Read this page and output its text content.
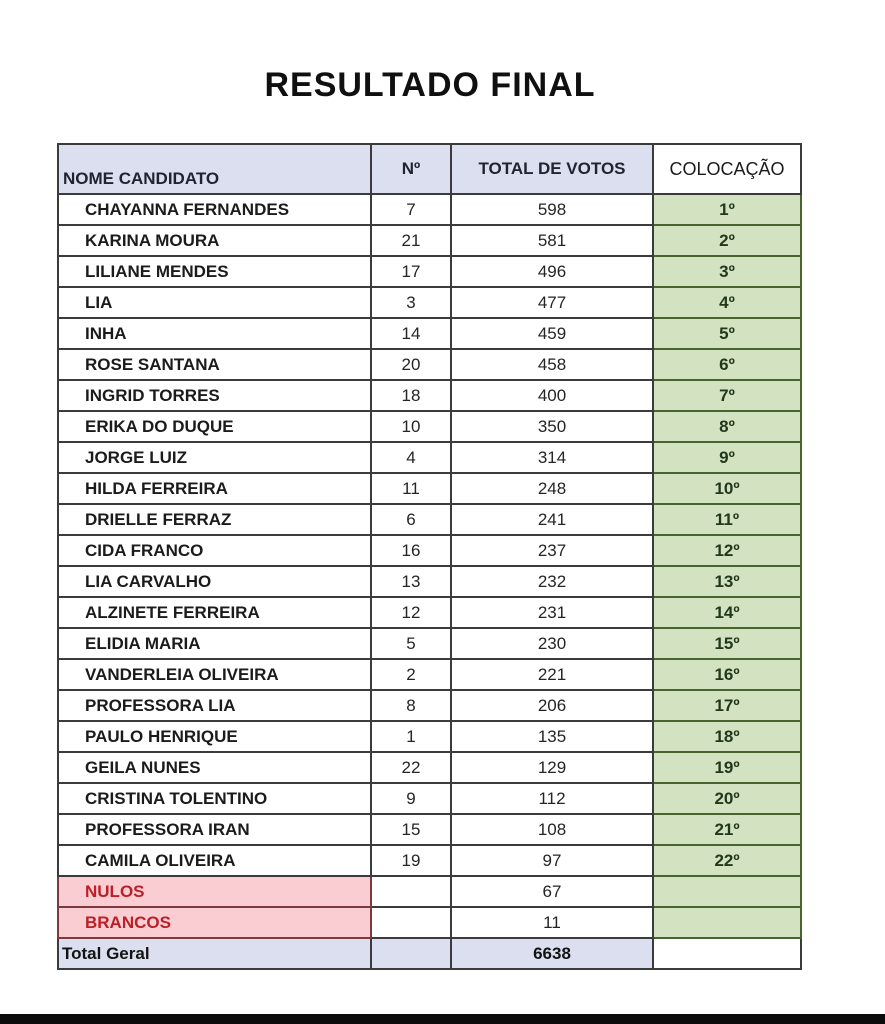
RESULTADO FINAL
NOME CANDIDATO	Nº	TOTAL DE VOTOS	COLOCAÇÃO
CHAYANNA FERNANDES	7	598	1º
KARINA MOURA	21	581	2º
LILIANE MENDES	17	496	3º
LIA	3	477	4º
INHA	14	459	5º
ROSE SANTANA	20	458	6º
INGRID TORRES	18	400	7º
ERIKA DO DUQUE	10	350	8º
JORGE LUIZ	4	314	9º
HILDA FERREIRA	11	248	10º
DRIELLE FERRAZ	6	241	11º
CIDA FRANCO	16	237	12º
LIA CARVALHO	13	232	13º
ALZINETE FERREIRA	12	231	14º
ELIDIA MARIA	5	230	15º
VANDERLEIA OLIVEIRA	2	221	16º
PROFESSORA LIA	8	206	17º
PAULO HENRIQUE	1	135	18º
GEILA NUNES	22	129	19º
CRISTINA TOLENTINO	9	112	20º
PROFESSORA IRAN	15	108	21º
CAMILA OLIVEIRA	19	97	22º
NULOS		67	
BRANCOS		11	
Total Geral		6638	
